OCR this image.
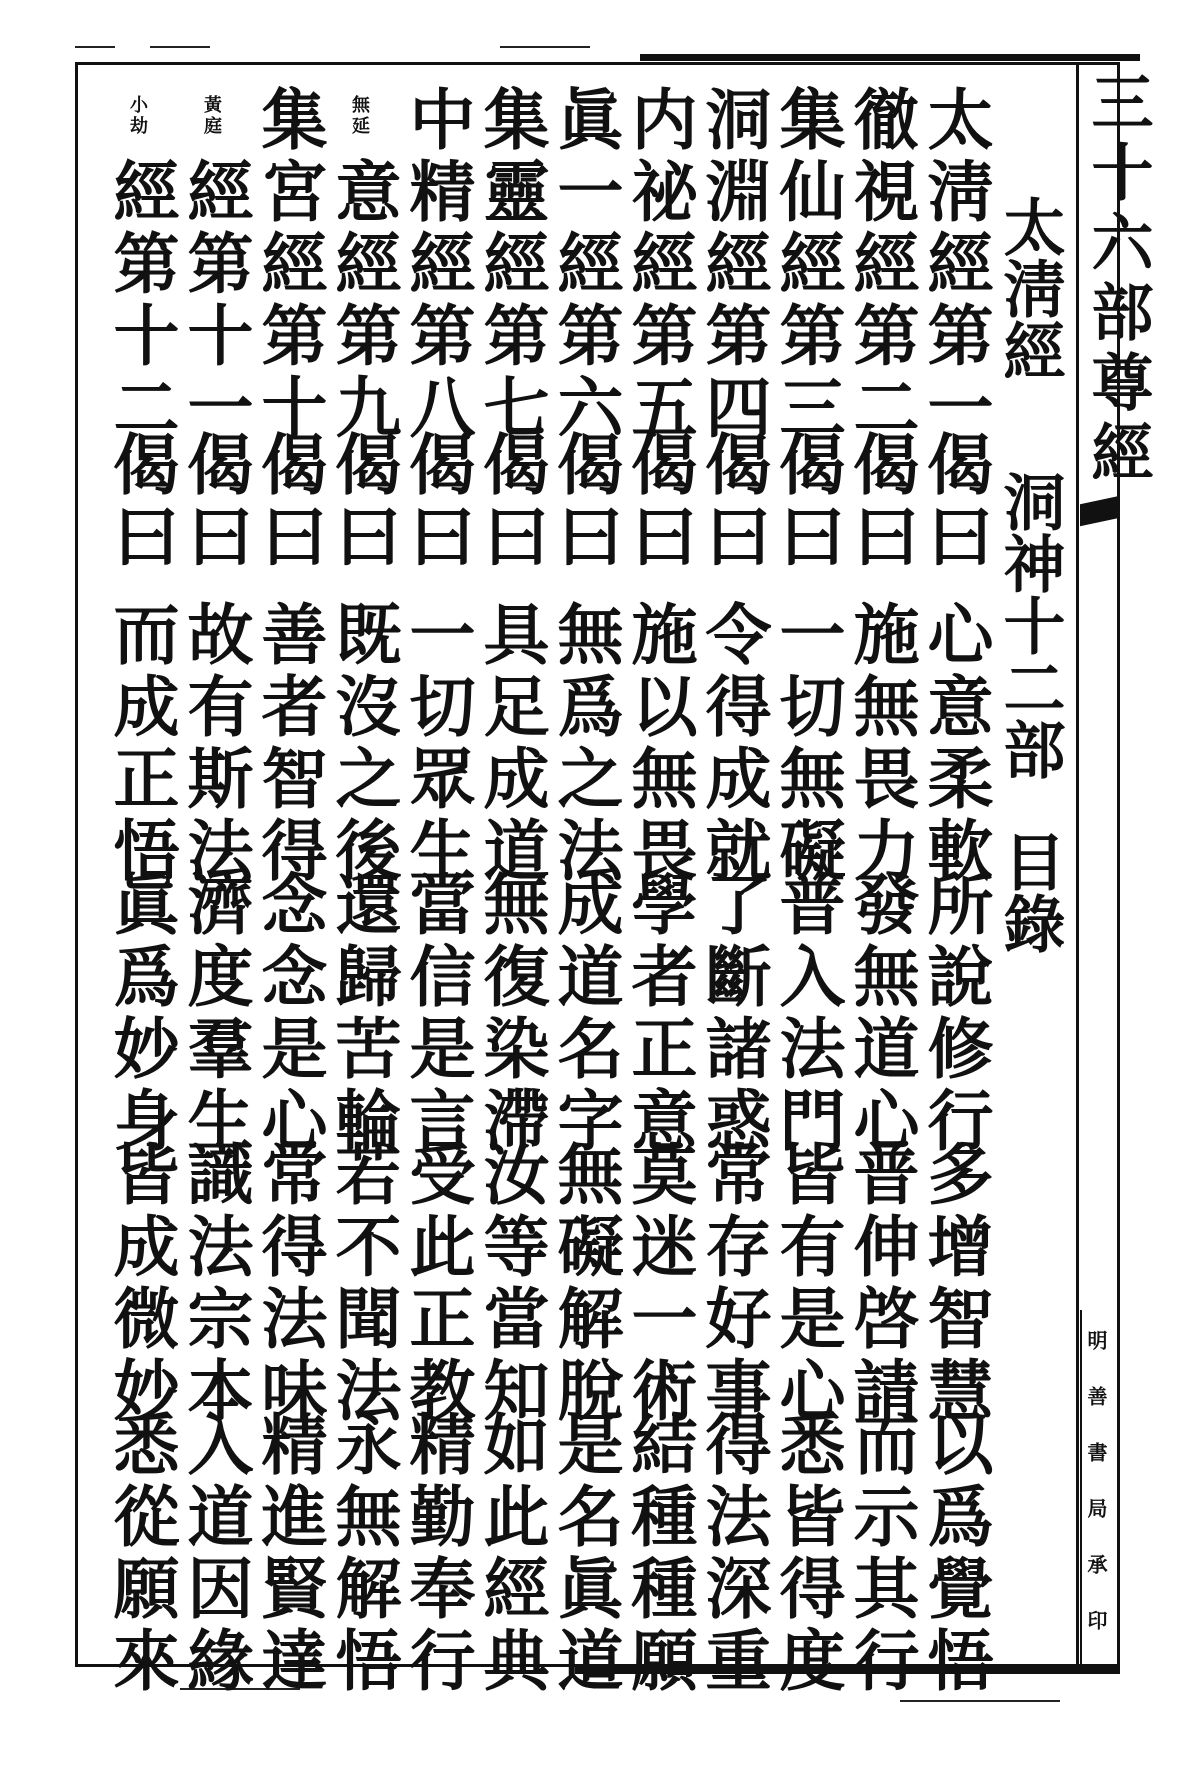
三十六部尊經
明善書局承印
太淸經
洞神十二部
目錄
太淸經第一
偈曰
心意柔軟
所說修行
多增智慧
以爲覺悟
徹視經第二
偈曰
施無畏力
發無道心
普伸啓請
而示其行
集仙經第三
偈曰
一切無礙
普入法門
皆有是心
悉皆得度
洞淵經第四
偈曰
令得成就
了斷諸惑
常存好事
得法深重
内祕經第五
偈曰
施以無畏
學者正意
莫迷一術
結種種願
眞一經第六
偈曰
無爲之法
成道名字
無礙解脫
是名眞道
集靈經第七
偈曰
具足成道
無復染滯
汝等當知
如此經典
中精經第八
偈曰
一切眾生
當信是言
受此正教
精勤奉行
無延
意經第九
偈曰
既沒之後
還歸苦輪
若不聞法
永無解悟
集宮經第十
偈曰
善者智得
念念是心
常得法味
精進賢達
黃庭
經第十一
偈曰
故有斯法
濟度羣生
識法宗本
入道因緣
小劫
經第十二
偈曰
而成正悟
眞爲妙身
皆成微妙
悉從願來
